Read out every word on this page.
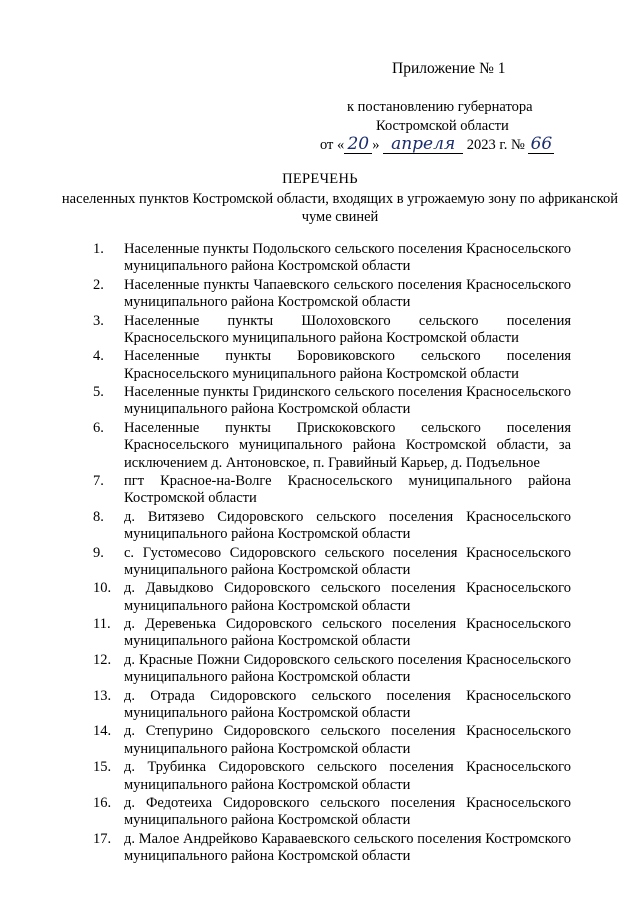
Приложение № 1
к постановлению губернатора
Костромской области
от « 20 » апреля 2023 г. № 66
ПЕРЕЧЕНЬ
населенных пунктов Костромской области, входящих в угрожаемую зону по африканской чуме свиней
1. Населенные пункты Подольского сельского поселения Красносельского муниципального района Костромской области
2. Населенные пункты Чапаевского сельского поселения Красносельского муниципального района Костромской области
3. Населенные пункты Шолоховского сельского поселения Красносельского муниципального района Костромской области
4. Населенные пункты Боровиковского сельского поселения Красносельского муниципального района Костромской области
5. Населенные пункты Гридинского сельского поселения Красносельского муниципального района Костромской области
6. Населенные пункты Прискоковского сельского поселения Красносельского муниципального района Костромской области, за исключением д. Антоновское, п. Гравийный Карьер, д. Подъельное
7. пгт Красное-на-Волге Красносельского муниципального района Костромской области
8. д. Витязево Сидоровского сельского поселения Красносельского муниципального района Костромской области
9. с. Густомесово Сидоровского сельского поселения Красносельского муниципального района Костромской области
10. д. Давыдково Сидоровского сельского поселения Красносельского муниципального района Костромской области
11. д. Деревенька Сидоровского сельского поселения Красносельского муниципального района Костромской области
12. д. Красные Пожни Сидоровского сельского поселения Красносельского муниципального района Костромской области
13. д. Отрада Сидоровского сельского поселения Красносельского муниципального района Костромской области
14. д. Степурино Сидоровского сельского поселения Красносельского муниципального района Костромской области
15. д. Трубинка Сидоровского сельского поселения Красносельского муниципального района Костромской области
16. д. Федотеиха Сидоровского сельского поселения Красносельского муниципального района Костромской области
17. д. Малое Андрейково Караваевского сельского поселения Костромского муниципального района Костромской области
